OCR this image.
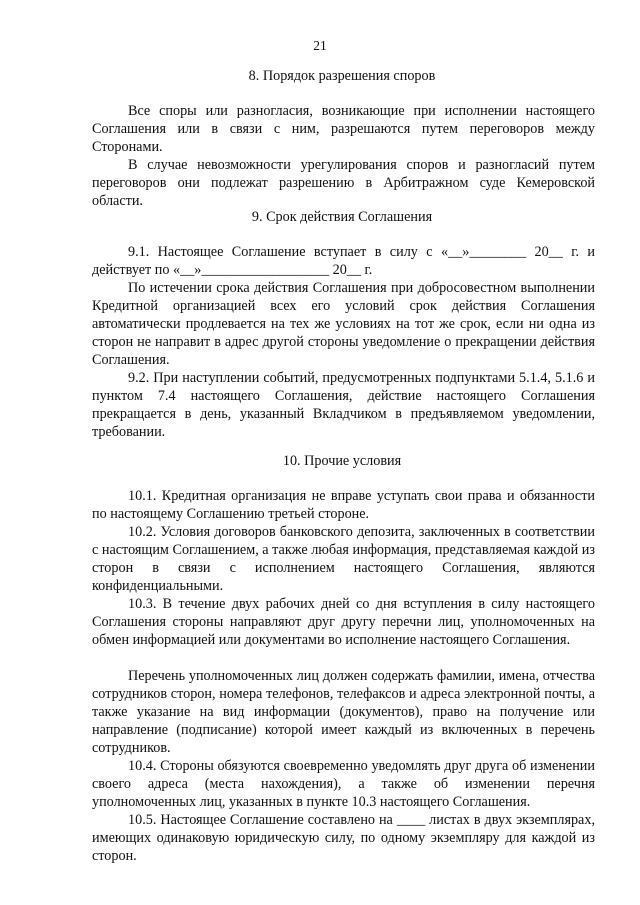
21
8. Порядок разрешения споров

Все споры или разногласия, возникающие при исполнении настоящего Соглашения или в связи с ним, разрешаются путем переговоров между Сторонами.

В случае невозможности урегулирования споров и разногласий путем переговоров они подлежат разрешению в Арбитражном суде Кемеровской области.

9. Срок действия Соглашения

9.1. Настоящее Соглашение вступает в силу с «__»________ 20__ г. и действует по «__»__________________ 20__ г.

По истечении срока действия Соглашения при добросовестном выполнении Кредитной организацией всех его условий срок действия Соглашения автоматически продлевается на тех же условиях на тот же срок, если ни одна из сторон не направит в адрес другой стороны уведомление о прекращении действия Соглашения.

9.2. При наступлении событий, предусмотренных подпунктами 5.1.4, 5.1.6 и пунктом 7.4 настоящего Соглашения, действие настоящего Соглашения прекращается в день, указанный Вкладчиком в предъявляемом уведомлении, требовании.

10. Прочие условия

10.1. Кредитная организация не вправе уступать свои права и обязанности по настоящему Соглашению третьей стороне.

10.2. Условия договоров банковского депозита, заключенных в соответствии с настоящим Соглашением, а также любая информация, представляемая каждой из сторон в связи с исполнением настоящего Соглашения, являются конфиденциальными.

10.3. В течение двух рабочих дней со дня вступления в силу настоящего Соглашения стороны направляют друг другу перечни лиц, уполномоченных на обмен информацией или документами во исполнение настоящего Соглашения.

Перечень уполномоченных лиц должен содержать фамилии, имена, отчества сотрудников сторон, номера телефонов, телефаксов и адреса электронной почты, а также указание на вид информации (документов), право на получение или направление (подписание) которой имеет каждый из включенных в перечень сотрудников.

10.4. Стороны обязуются своевременно уведомлять друг друга об изменении своего адреса (места нахождения), а также об изменении перечня уполномоченных лиц, указанных в пункте 10.3 настоящего Соглашения.

10.5. Настоящее Соглашение составлено на ____ листах в двух экземплярах, имеющих одинаковую юридическую силу, по одному экземпляру для каждой из сторон.
